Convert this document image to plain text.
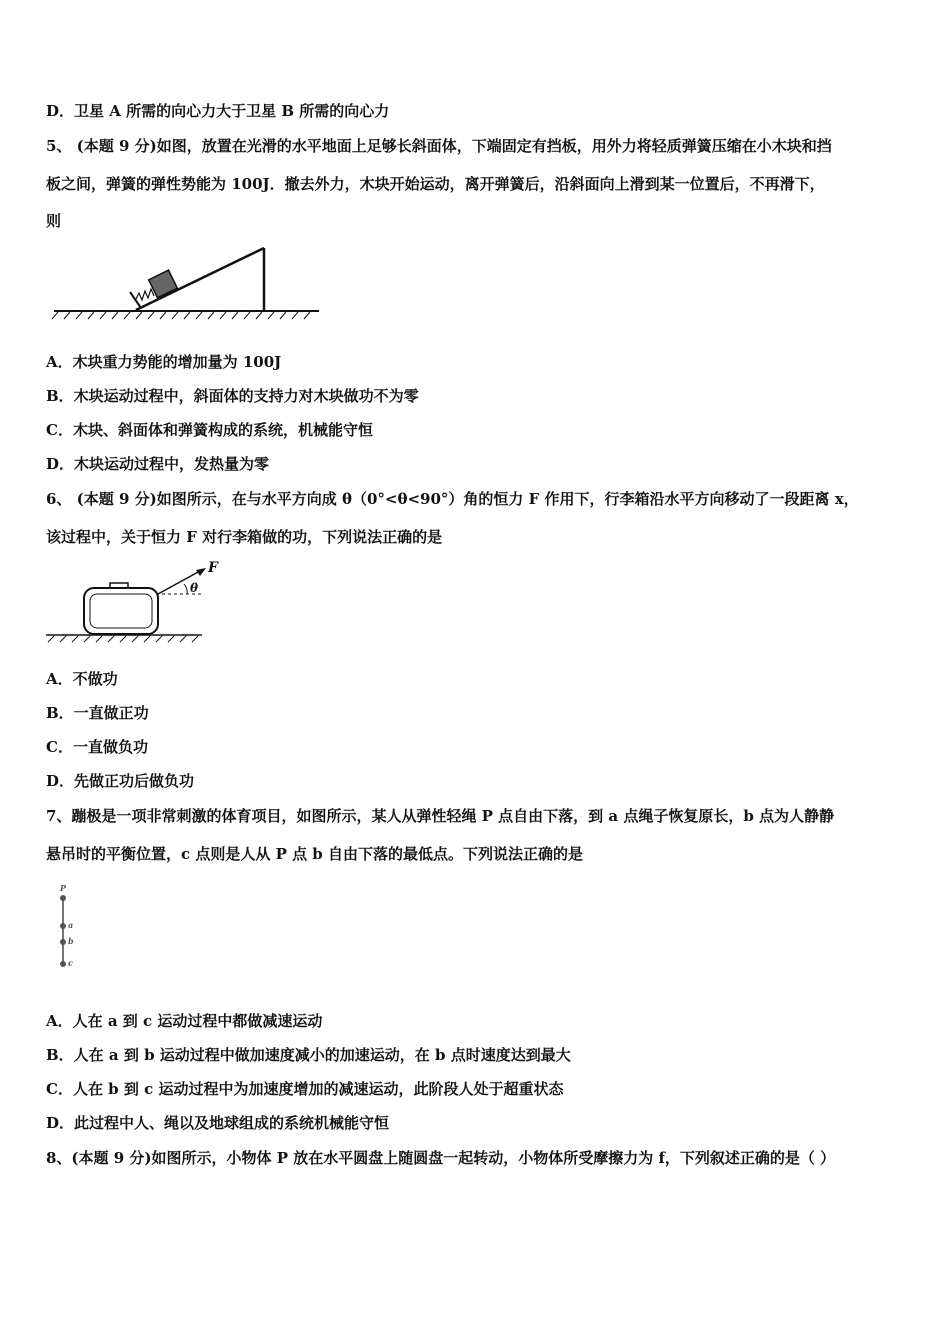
D．卫星 A 所需的向心力大于卫星 B 所需的向心力
5、 (本题 9 分)如图，放置在光滑的水平地面上足够长斜面体，下端固定有挡板，用外力将轻质弹簧压缩在小木块和挡
板之间，弹簧的弹性势能为 100J．撤去外力，木块开始运动，离开弹簧后，沿斜面向上滑到某一位置后，不再滑下，
则
A．木块重力势能的增加量为 100J
B．木块运动过程中，斜面体的支持力对木块做功不为零
C．木块、斜面体和弹簧构成的系统，机械能守恒
D．木块运动过程中，发热量为零
6、 (本题 9 分)如图所示，在与水平方向成 θ（0°<θ<90°）角的恒力 F 作用下，行李箱沿水平方向移动了一段距离 x，
该过程中，关于恒力 F 对行李箱做的功，下列说法正确的是
F
θ
A．不做功
B．一直做正功
C．一直做负功
D．先做正功后做负功
7、蹦极是一项非常刺激的体育项目，如图所示，某人从弹性轻绳 P 点自由下落，到 a 点绳子恢复原长，b 点为人静静
悬吊时的平衡位置，c 点则是人从 P 点 b 自由下落的最低点。下列说法正确的是
P
a
b
c
A．人在 a 到 c 运动过程中都做减速运动
B．人在 a 到 b 运动过程中做加速度减小的加速运动，在 b 点时速度达到最大
C．人在 b 到 c 运动过程中为加速度增加的减速运动，此阶段人处于超重状态
D．此过程中人、绳以及地球组成的系统机械能守恒
8、(本题 9 分)如图所示，小物体 P 放在水平圆盘上随圆盘一起转动，小物体所受摩擦力为 f，下列叙述正确的是（ ）
